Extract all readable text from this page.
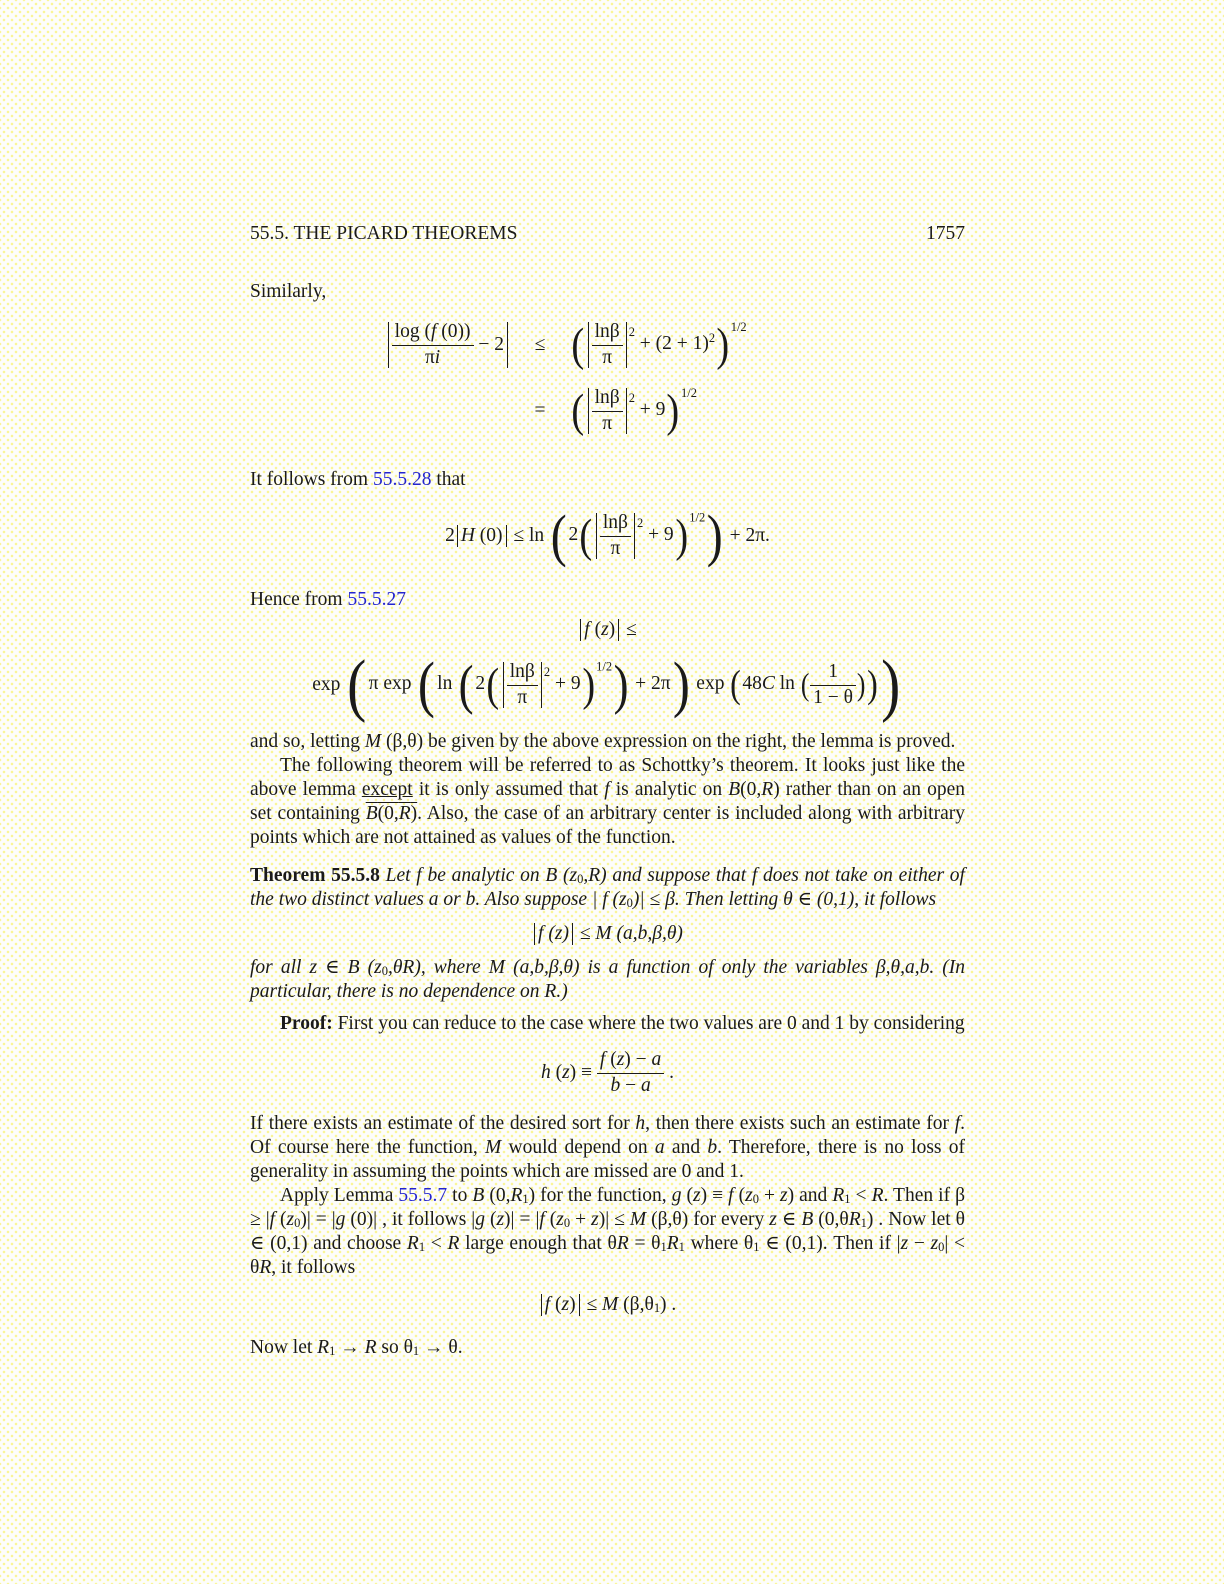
55.5. THE PICARD THEOREMS	1757

Similarly,

$\frac{\log (f (0))}{\pi i} - 2$	≤ ( $\frac{\ln\beta}{\pi} ^2 + (2 + 1)^2)^{1/2}$
= ( $\frac{\ln\beta}{\pi} ^2 + 9)^{1/2}$

It follows from 55.5.28 that

2 H $(0) \le \ln (2( \frac{\ln\beta}{\pi} ^2 + 9)^{1/2}) + 2\pi$.

Hence from 55.5.27

f (z) ≤
exp ( π exp (ln $(2( \frac{\ln\beta}{\pi} ^2 + 9)^{1/2}) + 2\pi$) exp (48C ln ( $\frac{1}{1 - \theta}$ )))

and so, letting M (β,θ) be given by the above expression on the right, the lemma is proved.

The following theorem will be referred to as Schottky’s theorem. It looks just like the above lemma except it is only assumed that f is analytic on B(0,R) rather than on an open set containing B(0,R). Also, the case of an arbitrary center is included along with arbitrary points which are not attained as values of the function.

Theorem 55.5.8 Let f be analytic on B (z0,R) and suppose that f does not take on either of the two distinct values a or b. Also suppose | f (z0)| ≤ β. Then letting θ ∈ (0,1), it follows

f (z) ≤ M (a,b,β,θ)

for all z ∈ B (z0,θR), where M (a,b,β,θ) is a function of only the variables β,θ,a,b. (In particular, there is no dependence on R.)

Proof: First you can reduce to the case where the two values are 0 and 1 by considering

h $(z) \equiv \frac{f (z) - a}{b - a}$ .

If there exists an estimate of the desired sort for h, then there exists such an estimate for f. Of course here the function, M would depend on a and b. Therefore, there is no loss of generality in assuming the points which are missed are 0 and 1.

Apply Lemma 55.5.7 to B (0,R1) for the function, g (z) ≡ f (z0 + z) and R1 < R. Then if β ≥ |f (z0)| = |g (0)| , it follows |g (z)| = |f (z0 + z)| ≤ M (β,θ) for every z ∈ B (0,θR1) . Now let θ ∈ (0,1) and choose R1 < R large enough that θR = θ1R1 where θ1 ∈ (0,1). Then if |z − z0| < θR, it follows

f (z) ≤ M (β,θ1) .

Now let R1 → R so θ1 → θ.
